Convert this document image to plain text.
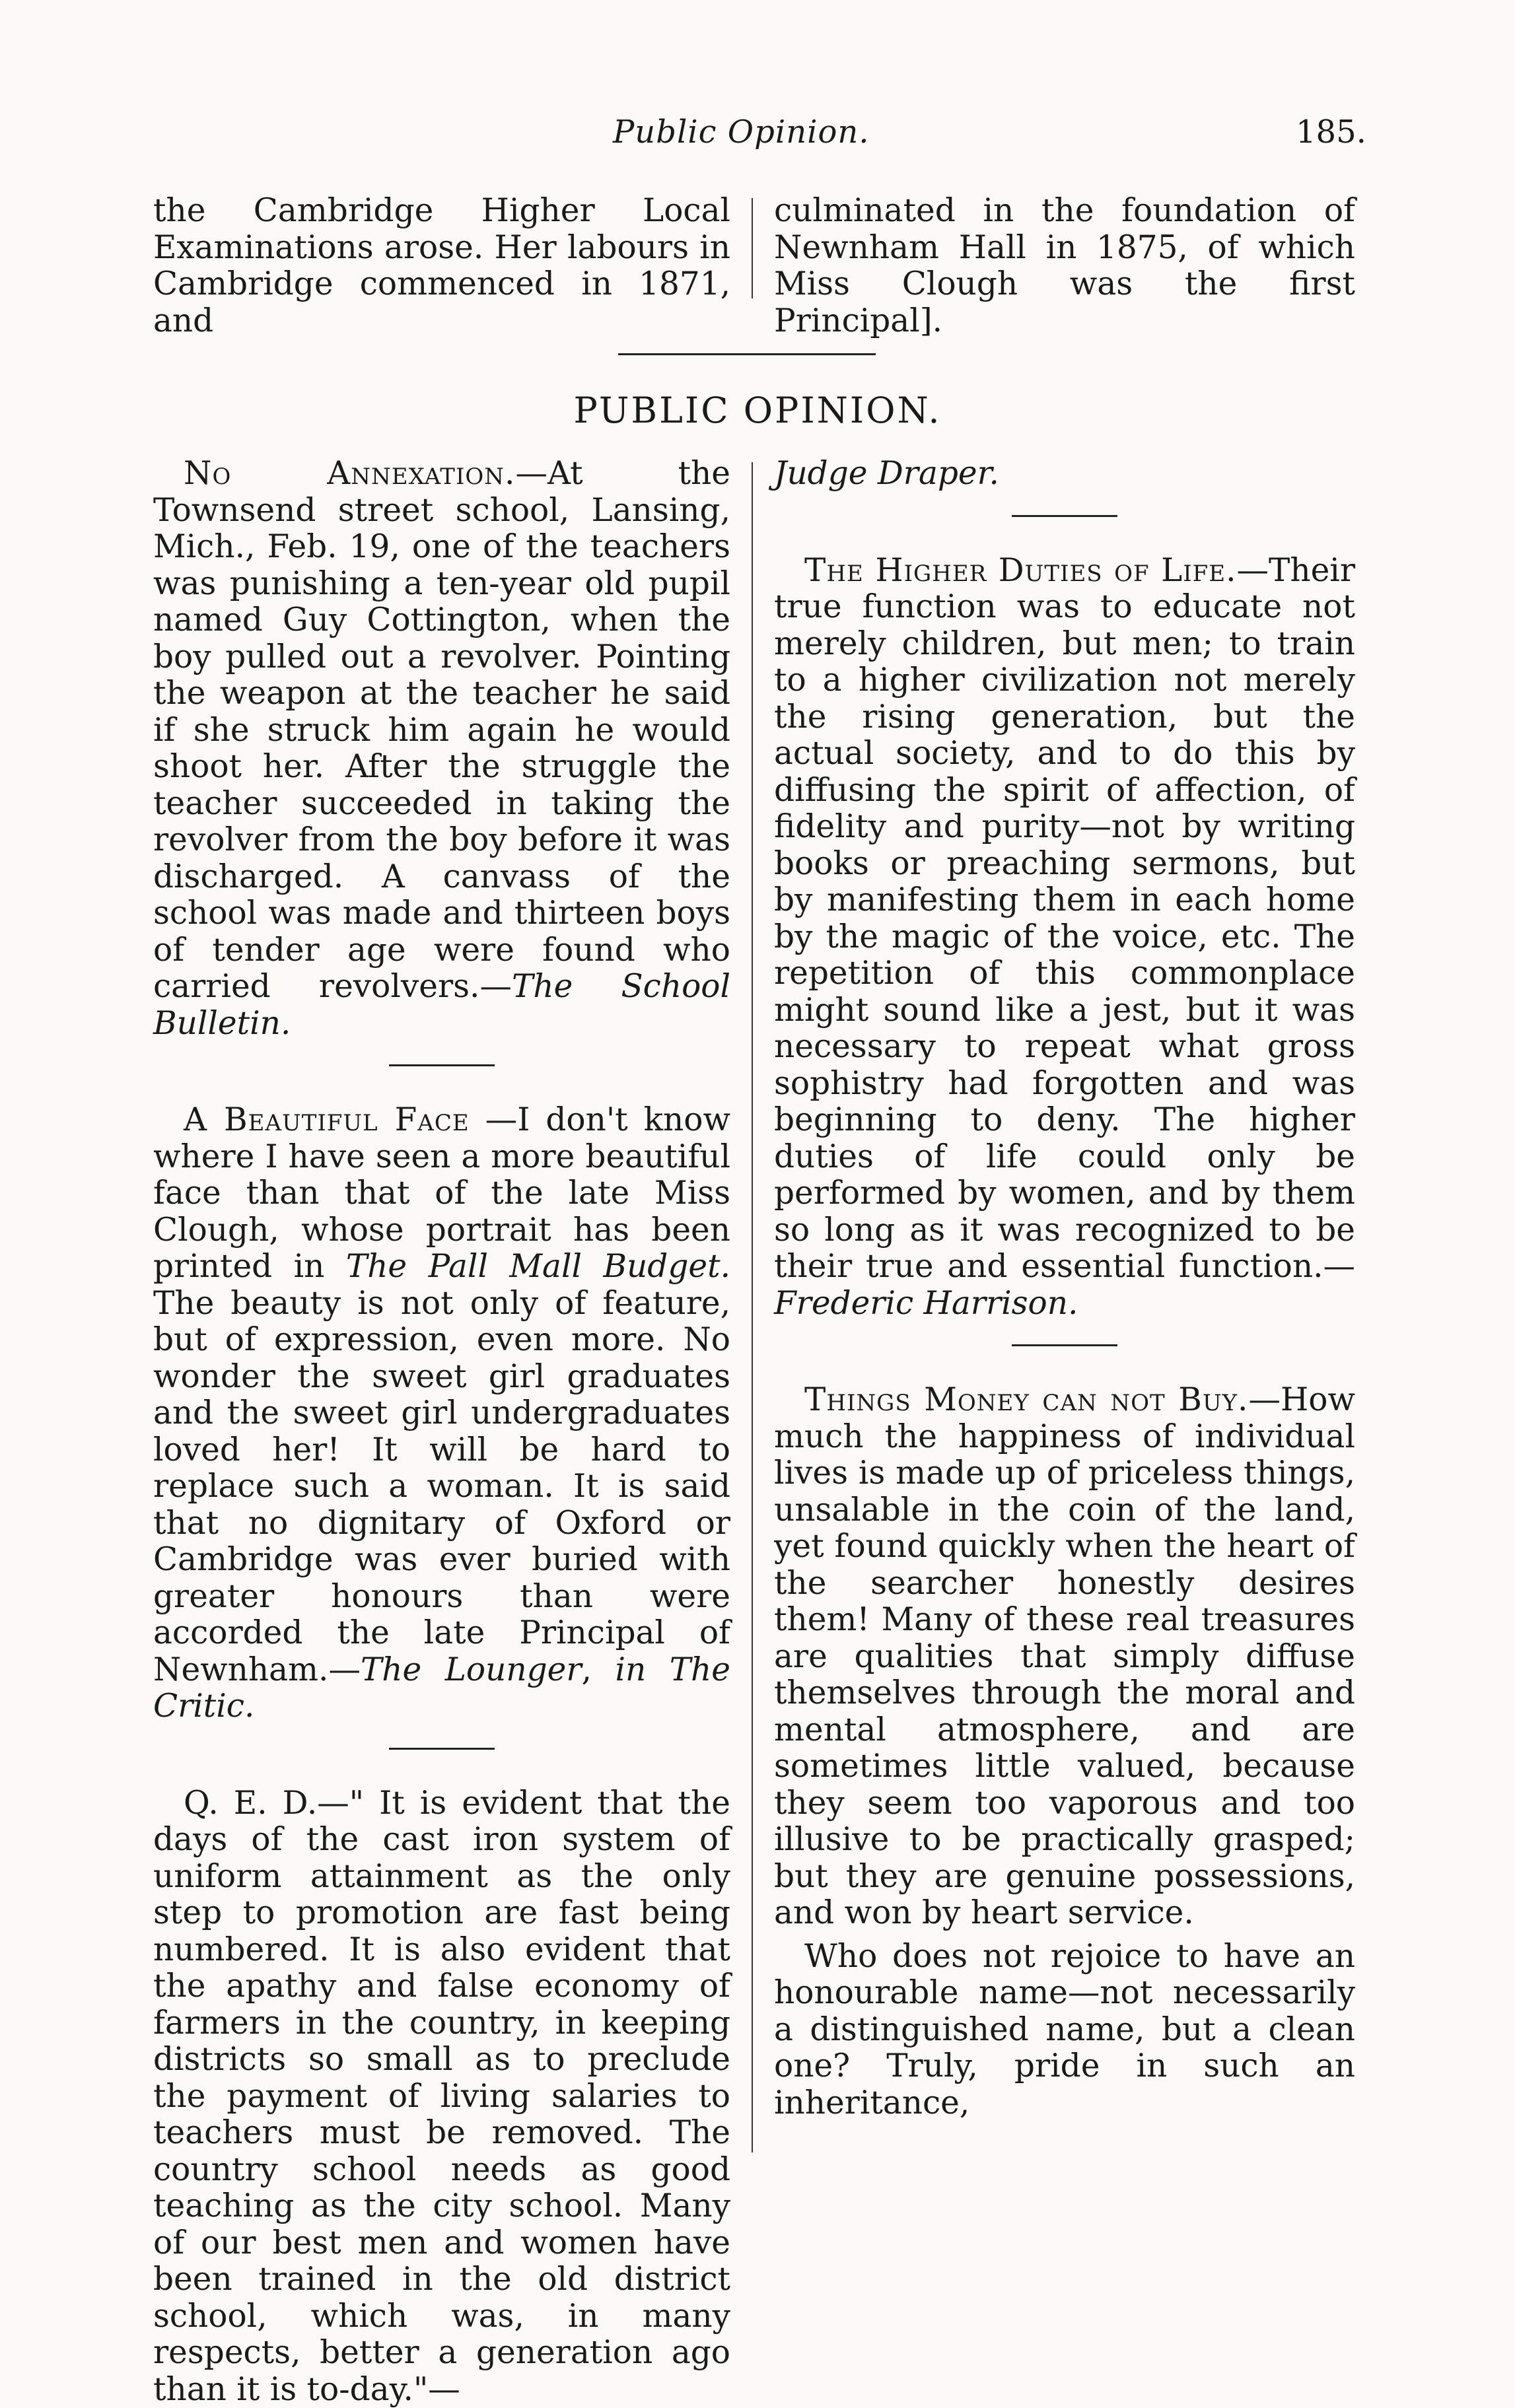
Public Opinion.	185.

the Cambridge Higher Local Examinations arose. Her labours in Cambridge commenced in 1871, and

culminated in the foundation of Newnham Hall in 1875, of which Miss Clough was the first Principal].

PUBLIC OPINION.

No Annexation.—At the Townsend street school, Lansing, Mich., Feb. 19, one of the teachers was punishing a ten-year old pupil named Guy Cottington, when the boy pulled out a revolver. Pointing the weapon at the teacher he said if she struck him again he would shoot her. After the struggle the teacher succeeded in taking the revolver from the boy before it was discharged. A canvass of the school was made and thirteen boys of tender age were found who carried revolvers.—The School Bulletin.

A Beautiful Face —I don't know where I have seen a more beautiful face than that of the late Miss Clough, whose portrait has been printed in The Pall Mall Budget. The beauty is not only of feature, but of expression, even more. No wonder the sweet girl graduates and the sweet girl undergraduates loved her! It will be hard to replace such a woman. It is said that no dignitary of Oxford or Cambridge was ever buried with greater honours than were accorded the late Principal of Newnham.—The Lounger, in The Critic.

Q. E. D.—" It is evident that the days of the cast iron system of uniform attainment as the only step to promotion are fast being numbered. It is also evident that the apathy and false economy of farmers in the country, in keeping districts so small as to preclude the payment of living salaries to teachers must be removed. The country school needs as good teaching as the city school. Many of our best men and women have been trained in the old district school, which was, in many respects, better a generation ago than it is to-day."—

Judge Draper.

The Higher Duties of Life.—Their true function was to educate not merely children, but men; to train to a higher civilization not merely the rising generation, but the actual society, and to do this by diffusing the spirit of affection, of fidelity and purity—not by writing books or preaching sermons, but by manifesting them in each home by the magic of the voice, etc. The repetition of this commonplace might sound like a jest, but it was necessary to repeat what gross sophistry had forgotten and was beginning to deny. The higher duties of life could only be performed by women, and by them so long as it was recognized to be their true and essential function.—Frederic Harrison.

Things Money can not Buy.—How much the happiness of individual lives is made up of priceless things, unsalable in the coin of the land, yet found quickly when the heart of the searcher honestly desires them! Many of these real treasures are qualities that simply diffuse themselves through the moral and mental atmosphere, and are sometimes little valued, because they seem too vaporous and too illusive to be practically grasped; but they are genuine possessions, and won by heart service.

Who does not rejoice to have an honourable name—not necessarily a distinguished name, but a clean one? Truly, pride in such an inheritance,
